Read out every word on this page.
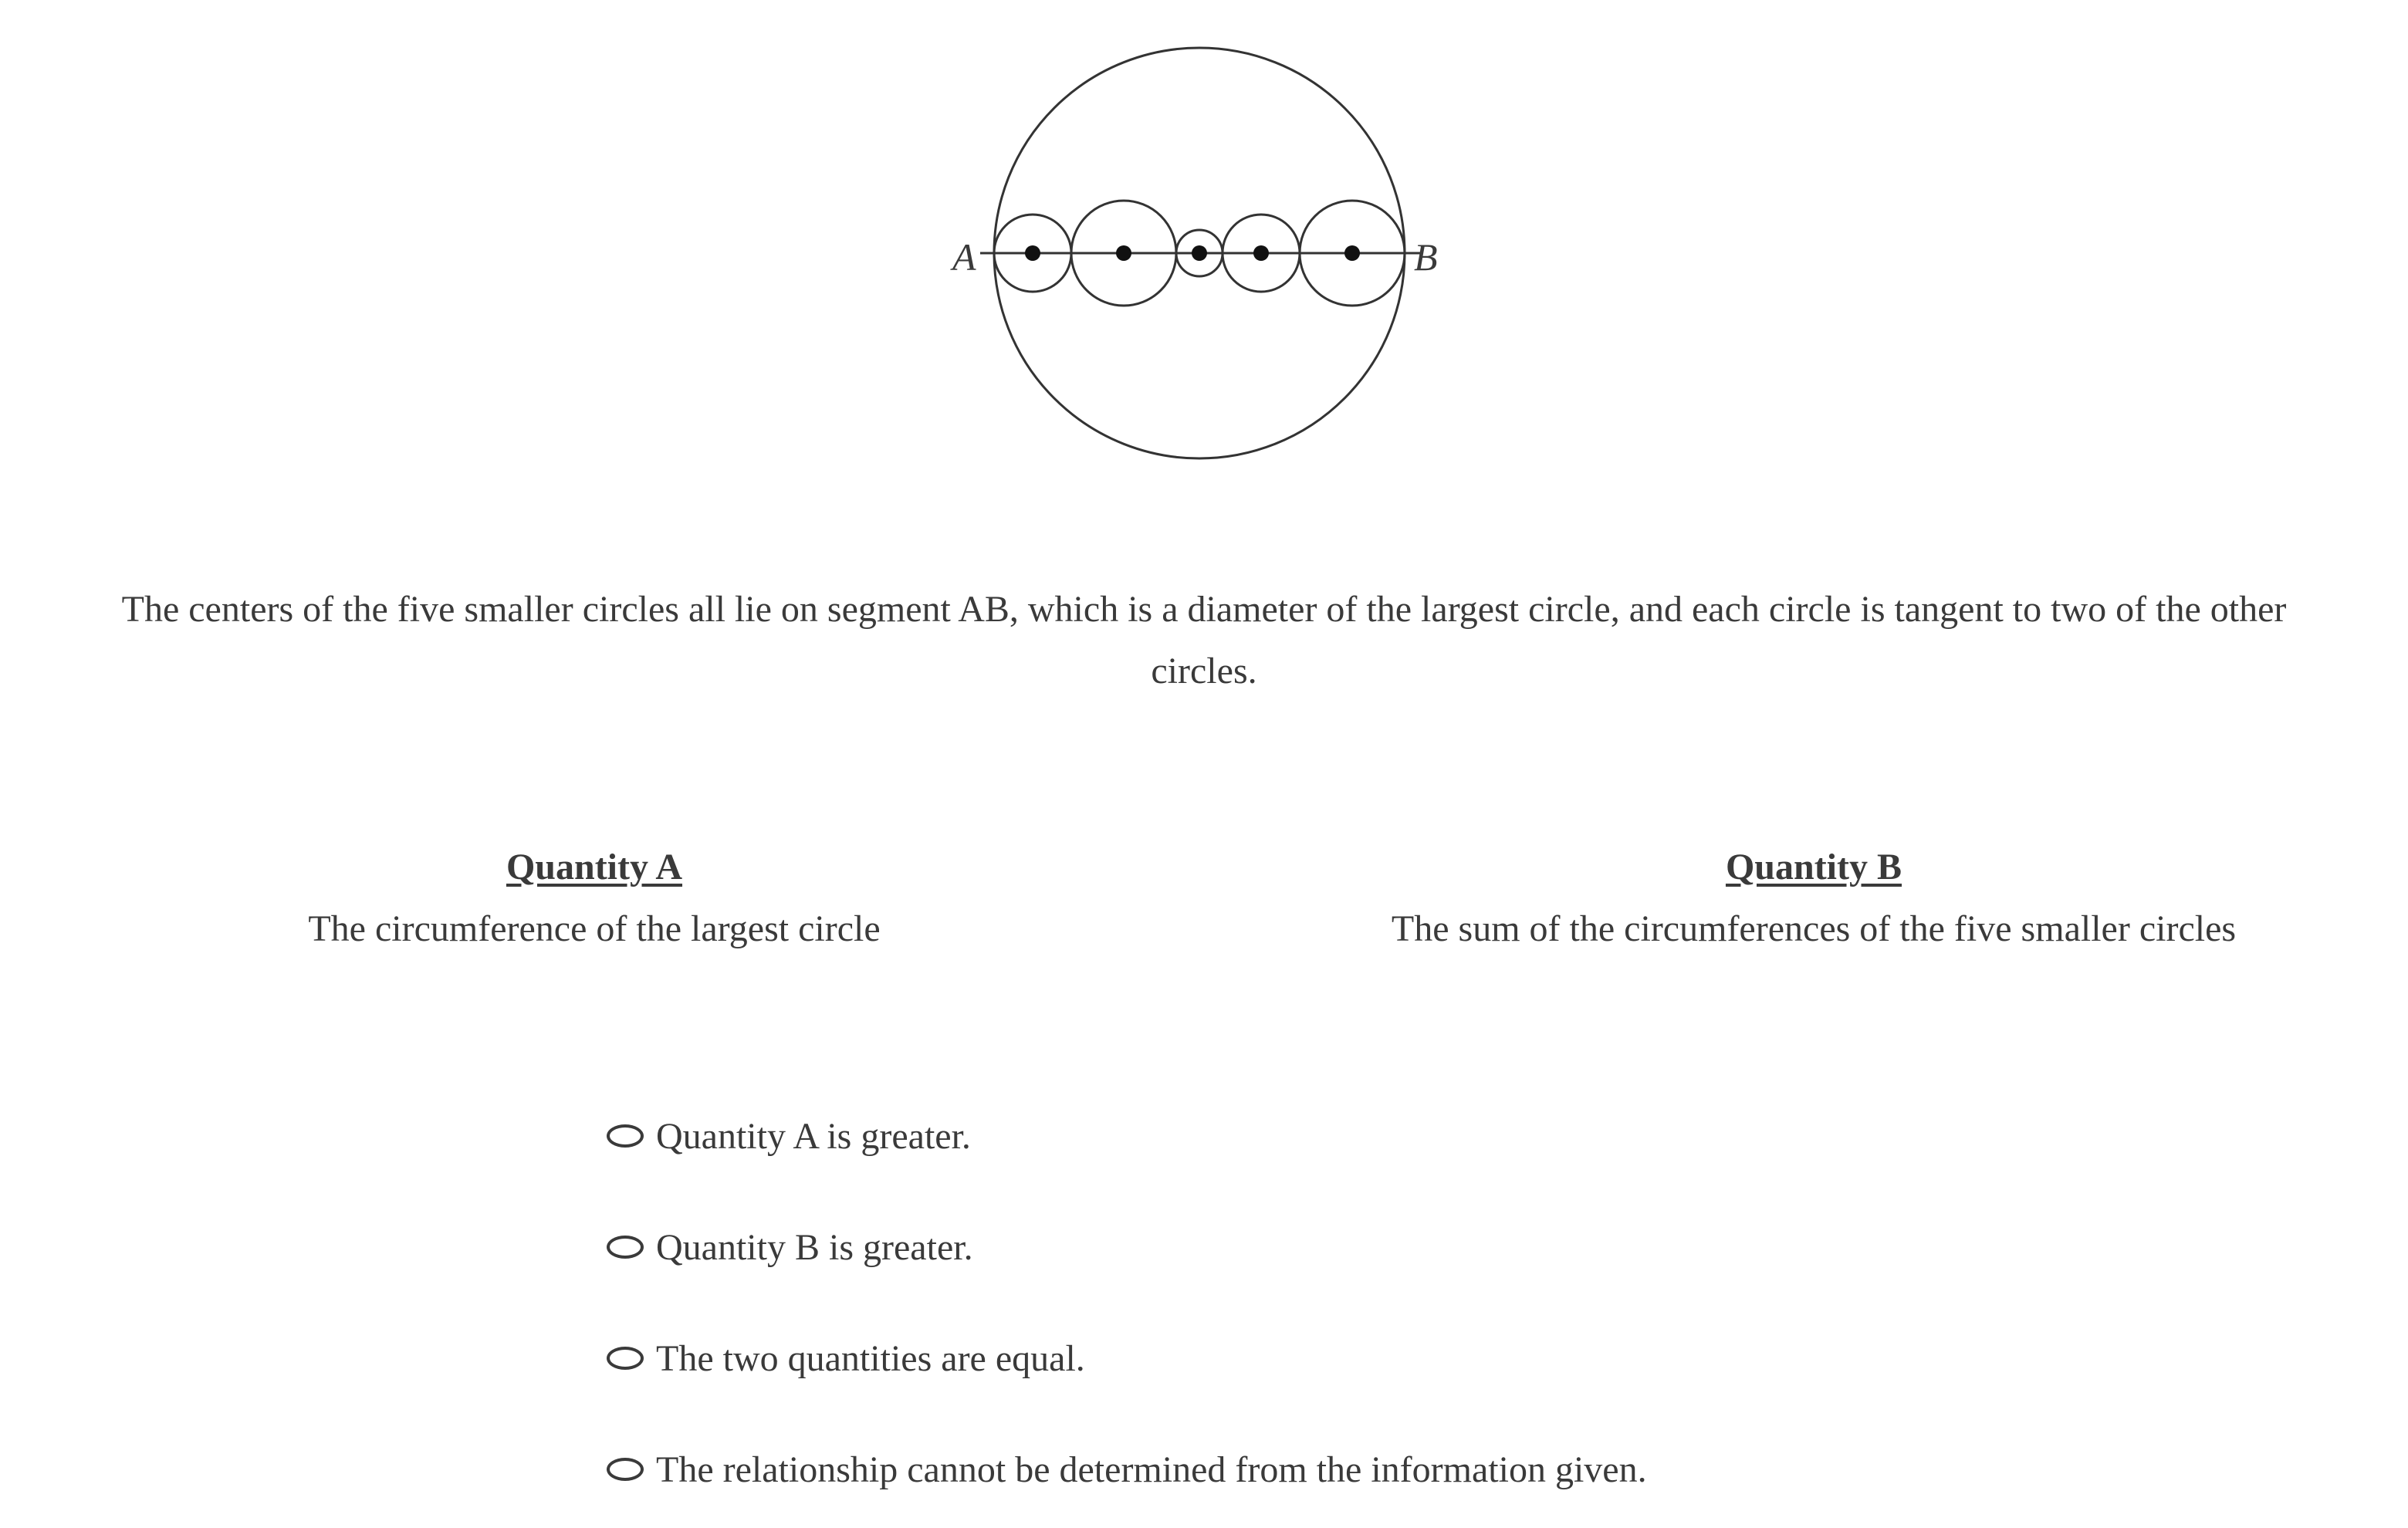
A	B
The centers of the five smaller circles all lie on segment AB, which is a diameter of the largest circle, and each circle is tangent to two of the other circles.
Quantity A
The circumference of the largest circle
Quantity B
The sum of the circumferences of the five smaller circles
Quantity A is greater.
Quantity B is greater.
The two quantities are equal.
The relationship cannot be determined from the information given.
